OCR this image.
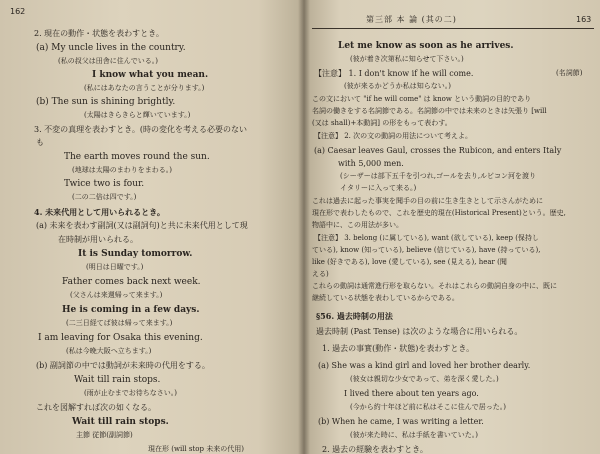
162
2. 現在の動作・状態を表わすとき。
(a) My uncle lives in the country.
(私の叔父は田舎に住んでいる。)
I know what you mean.
(私にはあなたの言うことが分ります。)
(b) The sun is shining brightly.
(太陽はきらきらと輝いています。)
3. 不変の真理を表わすとき。(時の変化を考える必要のない
も
The earth moves round the sun.
(地球は太陽のまわりをまわる。)
Twice two is four.
(二の二倍は四です。)
4. 未来代用として用いられるとき。
(a) 未来を表わす副詞(又は副詞句)と共に未来代用として現
在時制が用いられる。
It is Sunday tomorrow.
(明日は日曜です。)
Father comes back next week.
(父さんは来週帰って来ます。)
He is coming in a few days.
(二三日経てば彼は帰って来ます。)
I am leaving for Osaka this evening.
(私は今晩大阪へ立ちます。)
(b) 副詞節の中では動詞が未来時の代用をする。
Wait till rain stops.
(雨が止むまでお待ちなさい。)
これを図解すれば次の如くなる。
Wait till rain stops.
主節 従節(副詞節)
現在形 (will stop 未来の代用)
第三部 本 論 (其の二)	163
Let me know as soon as he arrives.
(彼が着き次第私に知らせて下さい。)
【注意】 1. I don't know if he will come.	(名詞節)
(彼が来るかどうか私は知らない。)
この文において "if he will come" は know という動詞の目的であり
名詞の働きをする名詞節である。名詞節の中では未来のときは矢張り [will
(又は shall)+本動詞] の形をもって表わす。
【注意】 2. 次の文の動詞の用法について考えよ。
(a) Caesar leaves Gaul, crosses the Rubicon, and enters Italy
with 5,000 men.
(シーザーは部下五千を引つれ,ゴールを去り,ルビコン河を渡り
イタリーに入って来る。)
これは過去に起った事実を聞手の目の前に生き生きとして示さんがために
現在形で表わしたもので、これを歴史的現在(Historical Present)という。歴史,
物語中に、この用法が多い。
【注意】 3. belong (に属している), want (欲している), keep (保持し
ている), know (知っている), believe (信じている), have (持っている),
like (好きである), love (愛している), see (見える), hear (聞
える)
これらの動詞は通常進行形を取らない。それはこれらの動詞自身の中に、既に
継続している状態を表わしているからである。
§56. 過去時制の用法
過去時制 (Past Tense) は次のような場合に用いられる。
1. 過去の事實(動作・狀態)を表わすとき。
(a) She was a kind girl and loved her brother dearly.
(彼女は親切な少女であって、弟を深く愛した。)
I lived there about ten years ago.
(今から約十年ほど前に私はそこに住んで居った。)
(b) When he came, I was writing a letter.
(彼が来た時に、私は手紙を書いていた。)
2. 過去の經驗を表わすとき。
